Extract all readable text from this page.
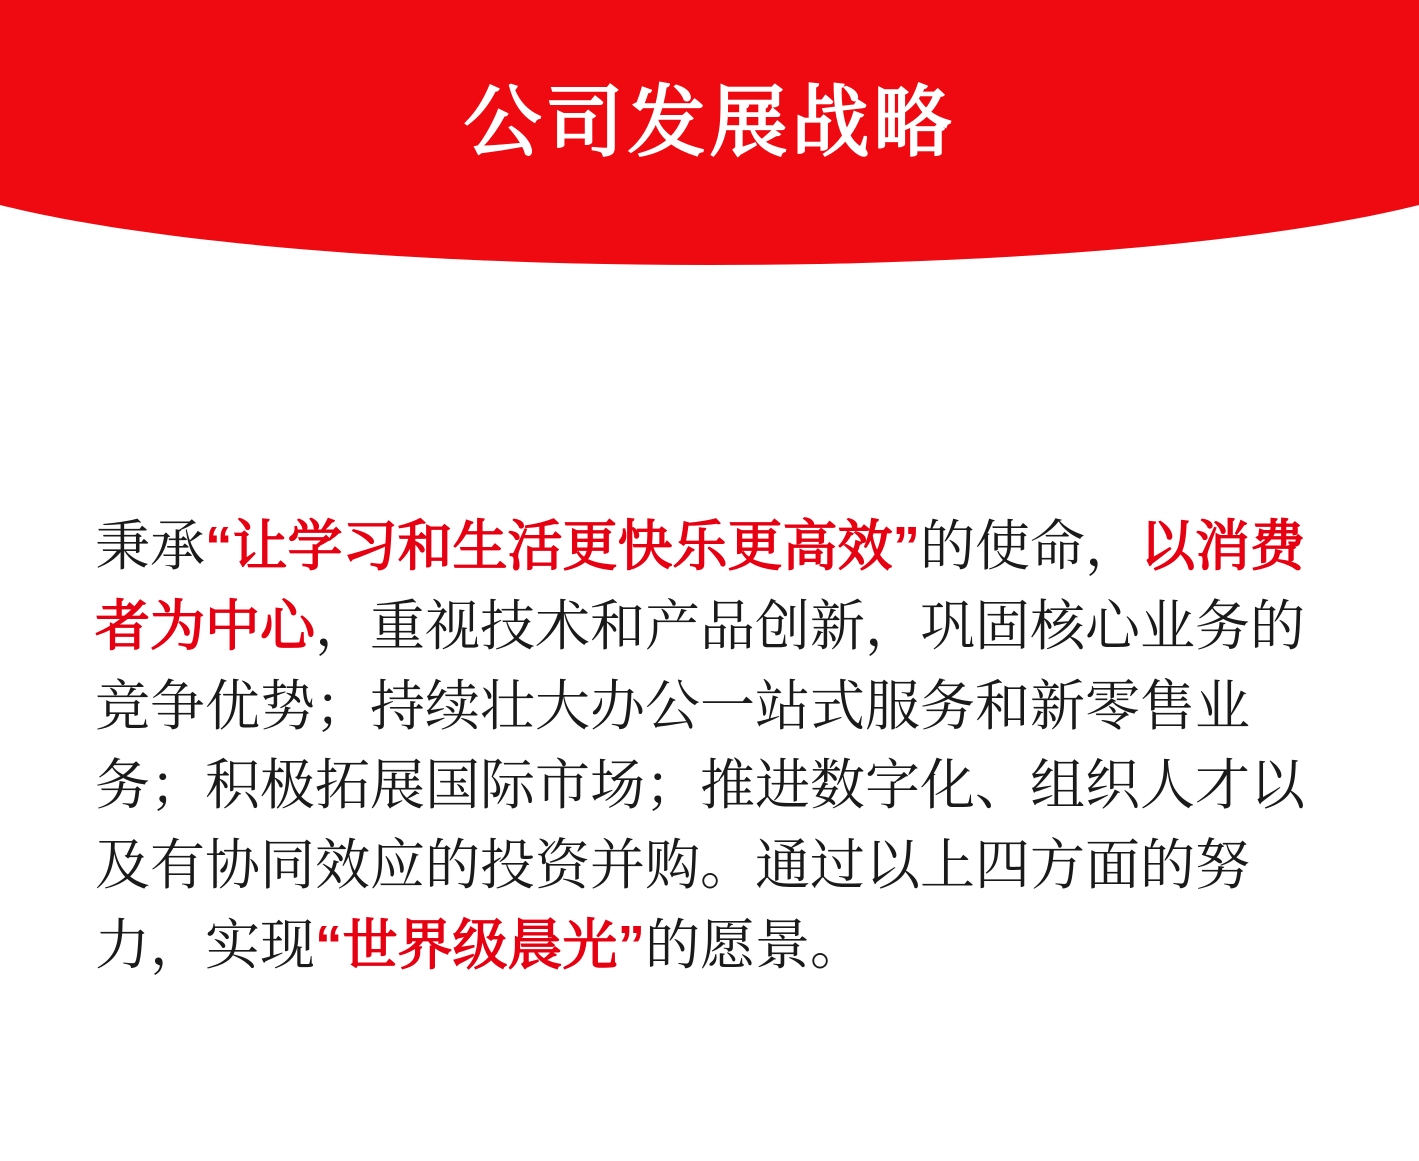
公司发展战略

秉承“让学习和生活更快乐更高效”的使命，以消费者为中心，重视技术和产品创新，巩固核心业务的竞争优势；持续壮大办公一站式服务和新零售业务；积极拓展国际市场；推进数字化、组织人才以及有协同效应的投资并购。通过以上四方面的努力，实现“世界级晨光”的愿景。
